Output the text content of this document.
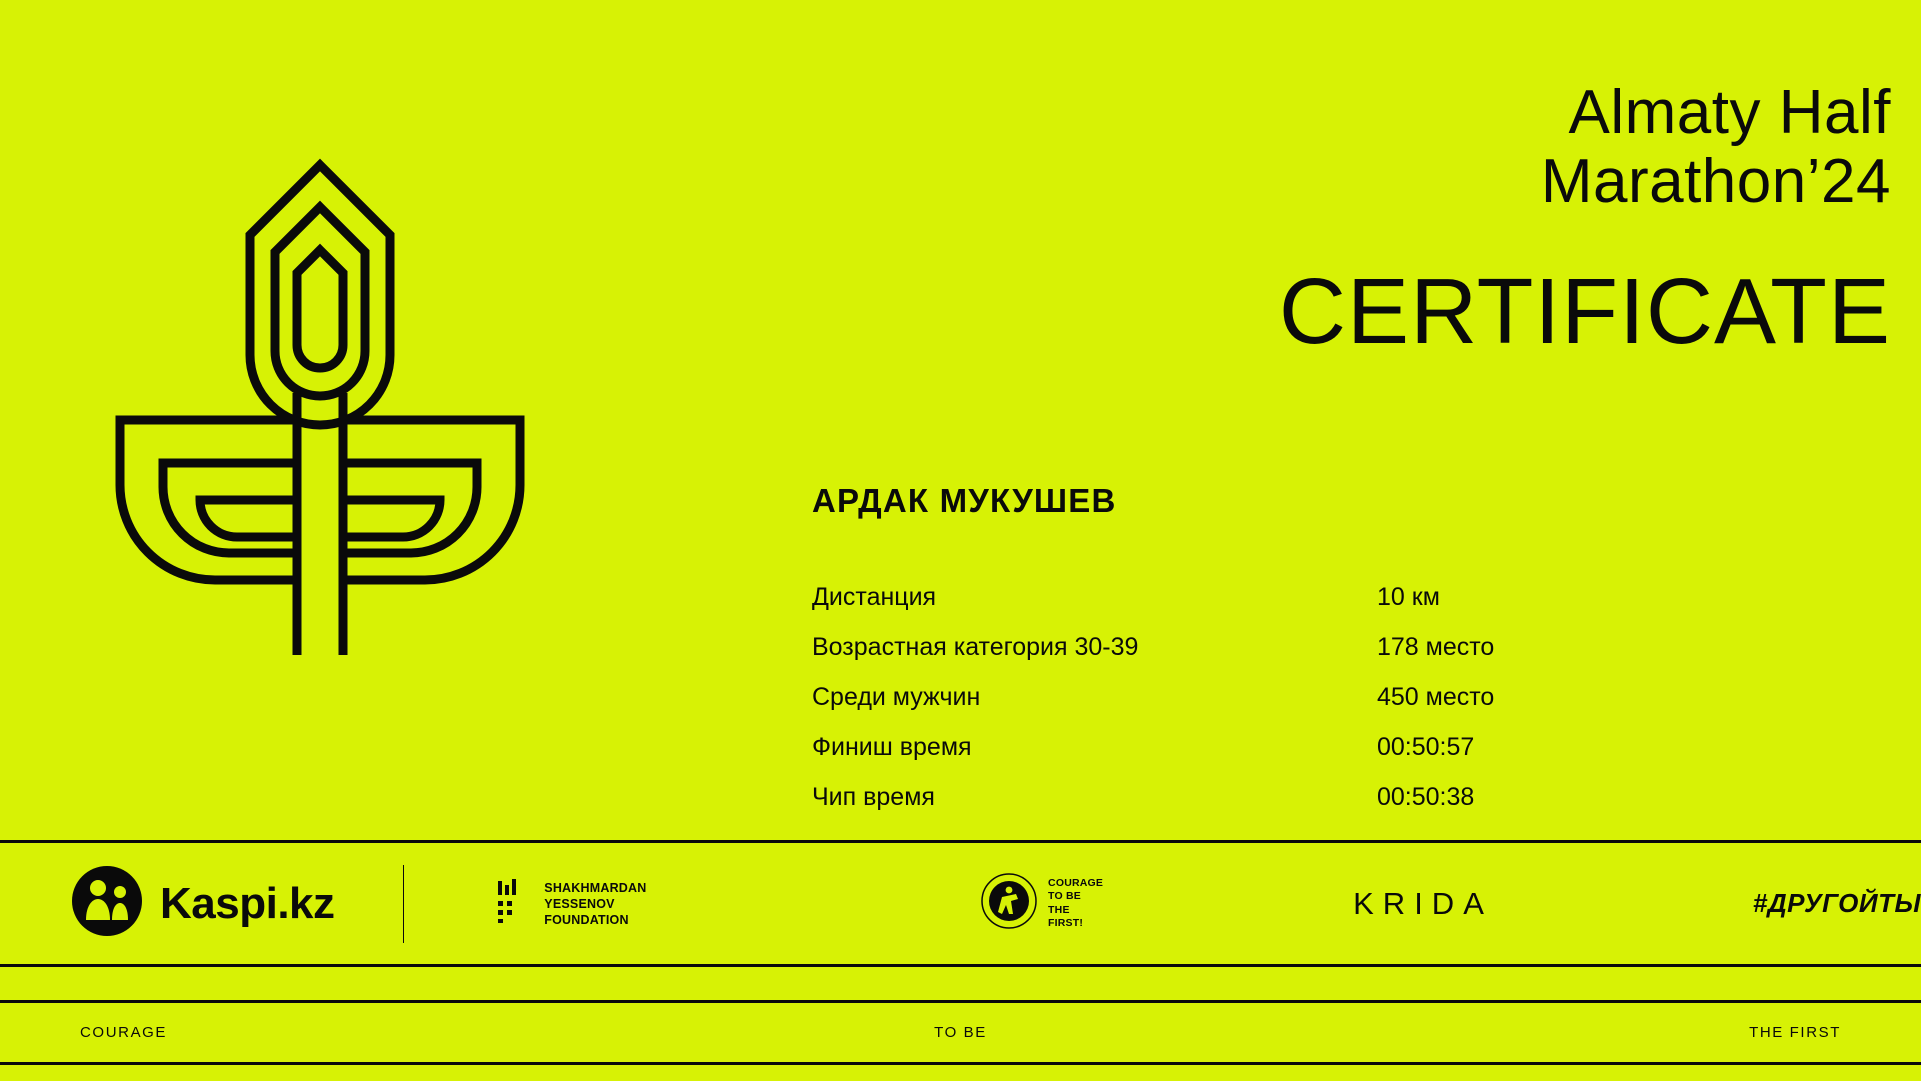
Almaty Half
Marathon’24
CERTIFICATE
АРДАК МУКУШЕВ
Дистанция	10 км
Возрастная категория 30-39	178 место
Среди мужчин	450 место
Финиш время	00:50:57
Чип время	00:50:38
Kaspi.kz	SHAKHMARDAN YESSENOV
FOUNDATION
COURAGE
TO BE
THE FIRST!
KRIDA	#ДРУГОЙТЫ
COURAGE	TO BE	THE FIRST
